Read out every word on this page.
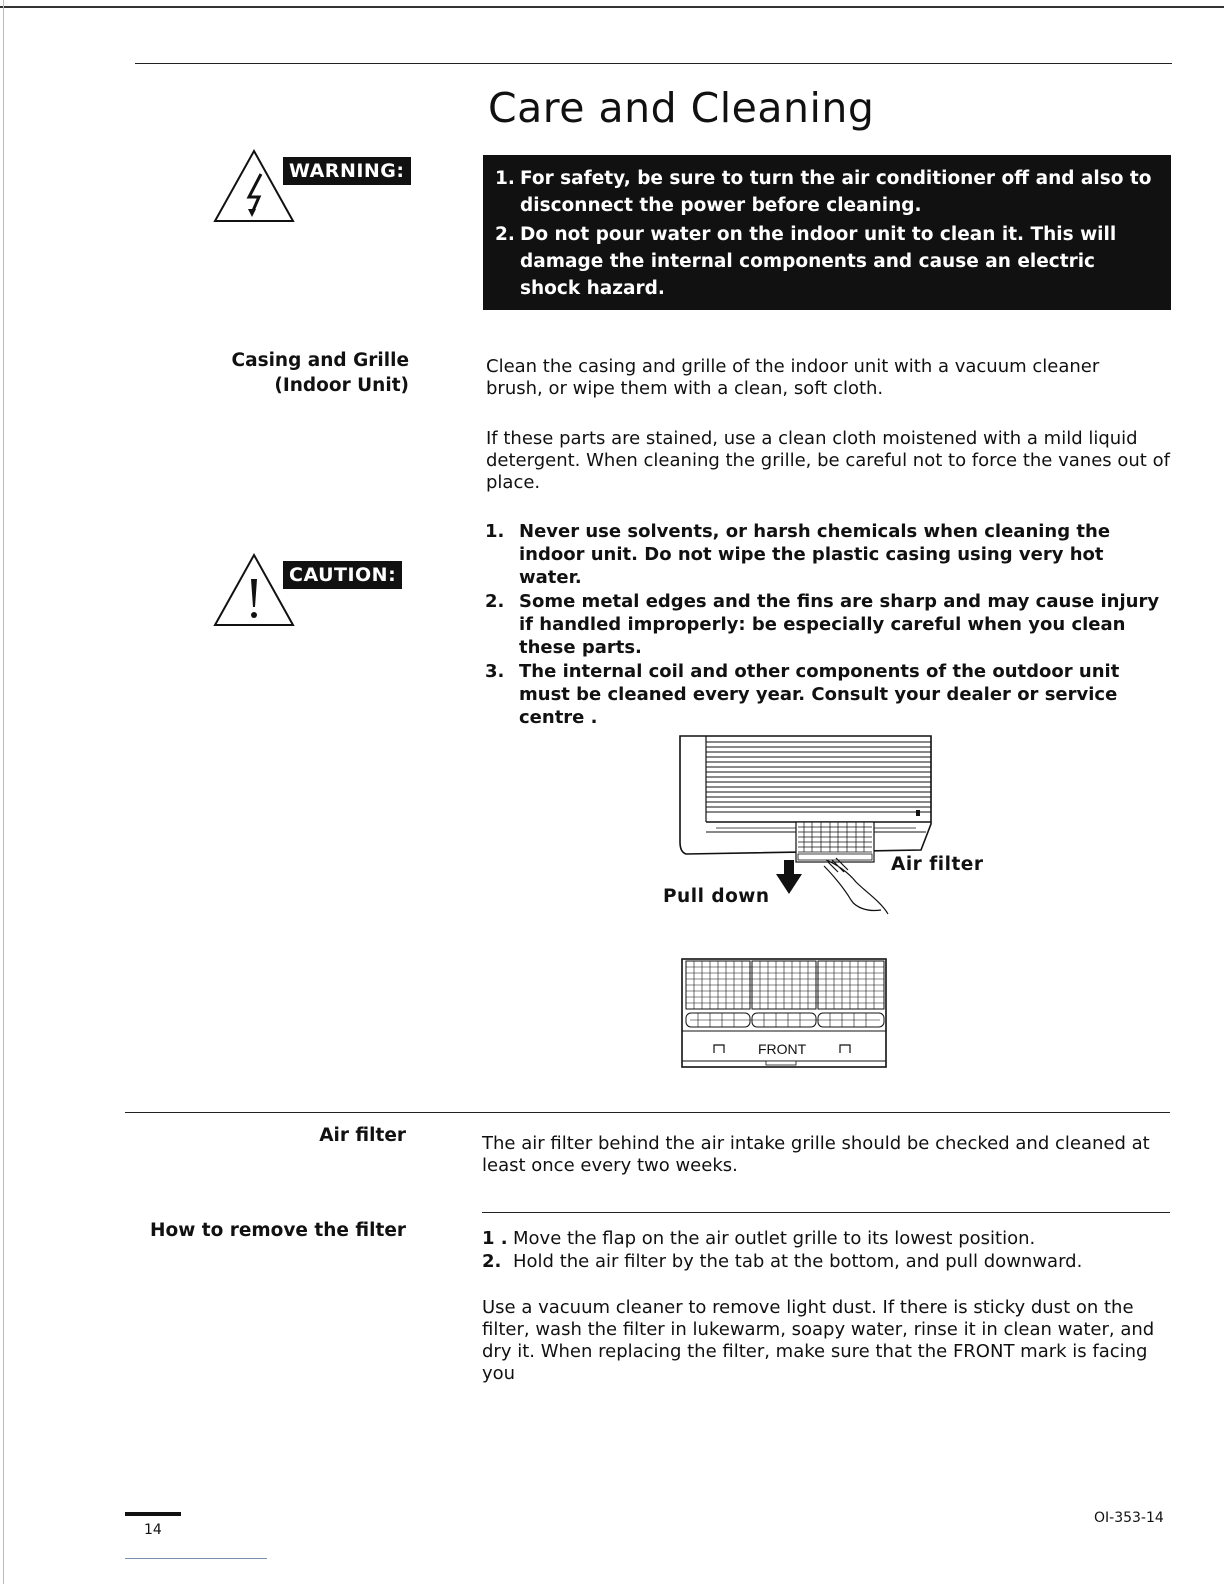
Care and Cleaning
WARNING:	1. For safety, be sure to turn the air conditioner off and also to disconnect the power before cleaning.
2. Do not pour water on the indoor unit to clean it. This will damage the internal components and cause an electric shock hazard.
Casing and Grille
(Indoor Unit)
Clean the casing and grille of the indoor unit with a vacuum cleaner brush, or wipe them with a clean, soft cloth.
If these parts are stained, use a clean cloth moistened with a mild liquid detergent. When cleaning the grille, be careful not to force the vanes out of place.
CAUTION:
1. Never use solvents, or harsh chemicals when cleaning the indoor unit. Do not wipe the plastic casing using very hot water.
2. Some metal edges and the fins are sharp and may cause injury if handled improperly: be especially careful when you clean these parts.
3. The internal coil and other components of the outdoor unit must be cleaned every year. Consult your dealer or service centre .
Air filter
Pull down
FRONT
Air filter	The air filter behind the air intake grille should be checked and cleaned at least once every two weeks.
How to remove the filter	1 . Move the flap on the air outlet grille to its lowest position.
2. Hold the air filter by the tab at the bottom, and pull downward.
Use a vacuum cleaner to remove light dust. If there is sticky dust on the filter, wash the filter in lukewarm, soapy water, rinse it in clean water, and dry it. When replacing the filter, make sure that the FRONT mark is facing you
14
OI-353-14
